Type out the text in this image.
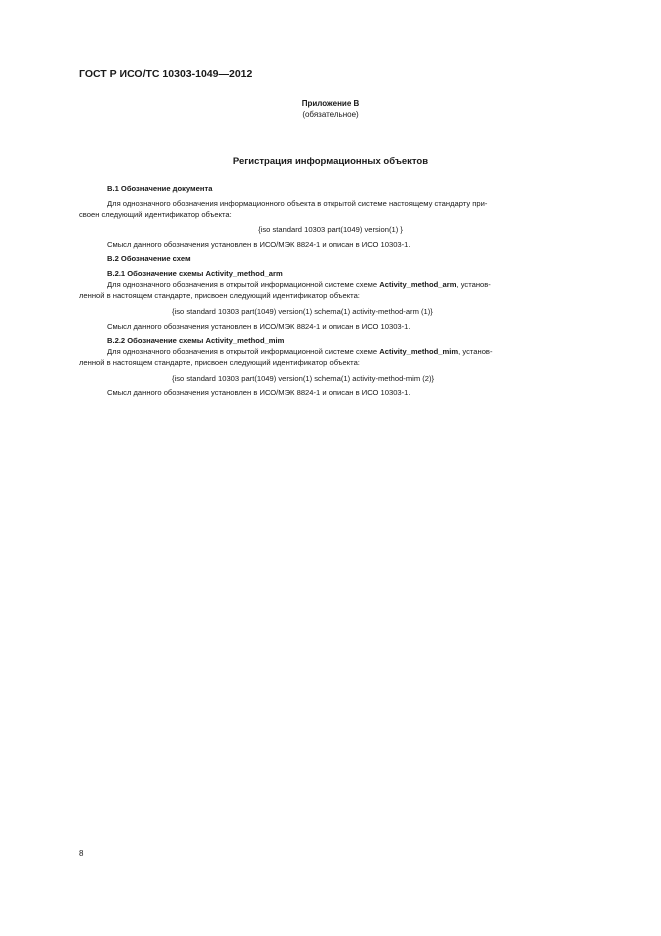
ГОСТ Р ИСО/ТС 10303-1049—2012
Приложение В
(обязательное)
Регистрация информационных объектов
В.1 Обозначение документа
Для однозначного обозначения информационного объекта в открытой системе настоящему стандарту при-
своен следующий идентификатор объекта:
{iso standard 10303 part(1049) version(1) }
Смысл данного обозначения установлен в ИСО/МЭК 8824-1 и описан в ИСО 10303-1.
В.2 Обозначение схем
В.2.1 Обозначение схемы Activity_method_arm
Для однозначного обозначения в открытой информационной системе схеме Activity_method_arm, установ-
ленной в настоящем стандарте, присвоен следующий идентификатор объекта:
{iso standard 10303 part(1049) version(1) schema(1) activity-method-arm (1)}
Смысл данного обозначения установлен в ИСО/МЭК 8824-1 и описан в ИСО 10303-1.
В.2.2 Обозначение схемы Activity_method_mim
Для однозначного обозначения в открытой информационной системе схеме Activity_method_mim, установ-
ленной в настоящем стандарте, присвоен следующий идентификатор объекта:
{iso standard 10303 part(1049) version(1) schema(1) activity-method-mim (2)}
Смысл данного обозначения установлен в ИСО/МЭК 8824-1 и описан в ИСО 10303-1.
8
